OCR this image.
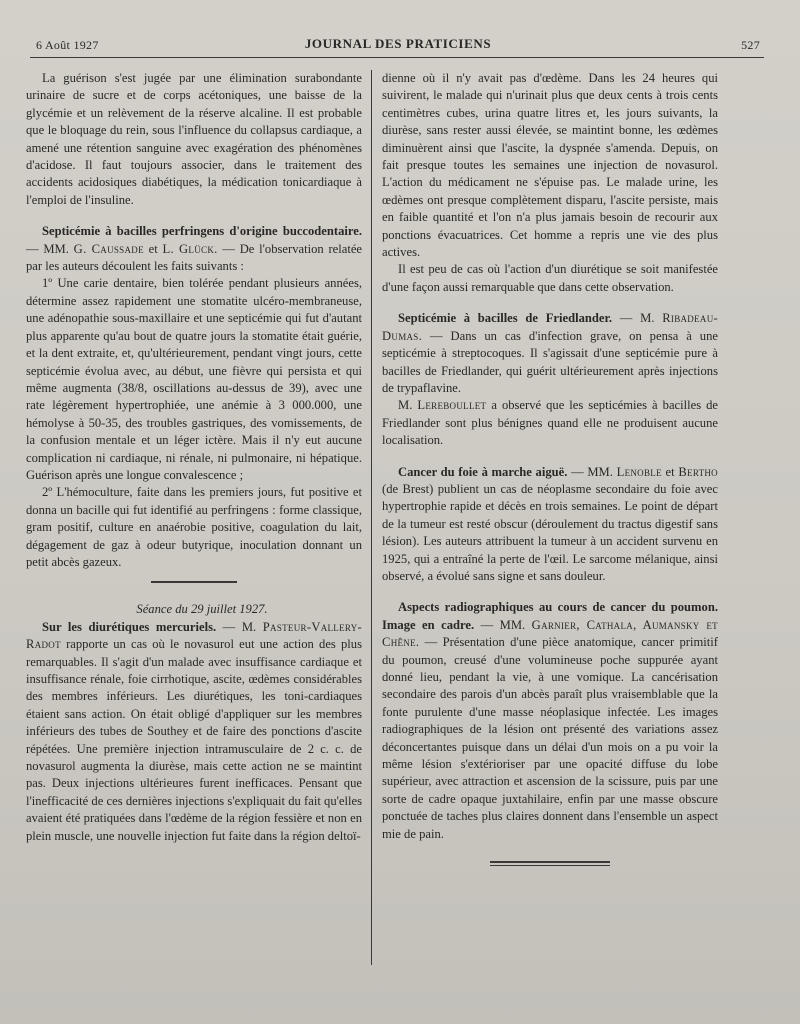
6 Août 1927	JOURNAL DES PRATICIENS	527

La guérison s'est jugée par une élimination surabondante urinaire de sucre et de corps acétoniques, une baisse de la glycémie et un relèvement de la réserve alcaline. Il est probable que le bloquage du rein, sous l'influence du collapsus cardiaque, a amené une rétention sanguine avec exagération des phénomènes d'acidose. Il faut toujours associer, dans le traitement des accidents acidosiques diabétiques, la médication tonicardiaque à l'emploi de l'insuline.

Septicémie à bacilles perfringens d'origine buccodentaire. — MM. G. Caussade et L. Glück. — De l'observation relatée par les auteurs découlent les faits suivants :

1º Une carie dentaire, bien tolérée pendant plusieurs années, détermine assez rapidement une stomatite ulcéro-membraneuse, une adénopathie sous-maxillaire et une septicémie qui fut d'autant plus apparente qu'au bout de quatre jours la stomatite était guérie, et la dent extraite, et, qu'ultérieurement, pendant vingt jours, cette septicémie évolua avec, au début, une fièvre qui persista et qui même augmenta (38/8, oscillations au-dessus de 39), avec une rate légèrement hypertrophiée, une anémie à 3 000.000, une hémolyse à 50-35, des troubles gastriques, des vomissements, de la confusion mentale et un léger ictère. Mais il n'y eut aucune complication ni cardiaque, ni rénale, ni pulmonaire, ni hépatique. Guérison après une longue convalescence ;

2º L'hémoculture, faite dans les premiers jours, fut positive et donna un bacille qui fut identifié au perfringens : forme classique, gram positif, culture en anaérobie positive, coagulation du lait, dégagement de gaz à odeur butyrique, inoculation donnant un petit abcès gazeux.

Séance du 29 juillet 1927.

Sur les diurétiques mercuriels. — M. Pasteur-Vallery-Radot rapporte un cas où le novasurol eut une action des plus remarquables. Il s'agit d'un malade avec insuffisance cardiaque et insuffisance rénale, foie cirrhotique, ascite, œdèmes considérables des membres inférieurs. Les diurétiques, les toni-cardiaques étaient sans action. On était obligé d'appliquer sur les membres inférieurs des tubes de Southey et de faire des ponctions d'ascite répétées. Une première injection intramusculaire de 2 c. c. de novasurol augmenta la diurèse, mais cette action ne se maintint pas. Deux injections ultérieures furent inefficaces. Pensant que l'inefficacité de ces dernières injections s'expliquait du fait qu'elles avaient été pratiquées dans l'œdème de la région fessière et non en plein muscle, une nouvelle injection fut faite dans la région deltoï-

dienne où il n'y avait pas d'œdème. Dans les 24 heures qui suivirent, le malade qui n'urinait plus que deux cents à trois cents centimètres cubes, urina quatre litres et, les jours suivants, la diurèse, sans rester aussi élevée, se maintint bonne, les œdèmes diminuèrent ainsi que l'ascite, la dyspnée s'amenda. Depuis, on fait presque toutes les semaines une injection de novasurol. L'action du médicament ne s'épuise pas. Le malade urine, les œdèmes ont presque complètement disparu, l'ascite persiste, mais en faible quantité et l'on n'a plus jamais besoin de recourir aux ponctions évacuatrices. Cet homme a repris une vie des plus actives.

Il est peu de cas où l'action d'un diurétique se soit manifestée d'une façon aussi remarquable que dans cette observation.

Septicémie à bacilles de Friedlander. — M. Ribadeau-Dumas. — Dans un cas d'infection grave, on pensa à une septicémie à streptocoques. Il s'agissait d'une septicémie pure à bacilles de Friedlander, qui guérit ultérieurement après injections de trypaflavine.

M. Lereboullet a observé que les septicémies à bacilles de Friedlander sont plus bénignes quand elle ne produisent aucune localisation.

Cancer du foie à marche aiguë. — MM. Lenoble et Bertho (de Brest) publient un cas de néoplasme secondaire du foie avec hypertrophie rapide et décès en trois semaines. Le point de départ de la tumeur est resté obscur (déroulement du tractus digestif sans lésion). Les auteurs attribuent la tumeur à un accident survenu en 1925, qui a entraîné la perte de l'œil. Le sarcome mélanique, ainsi observé, a évolué sans signe et sans douleur.

Aspects radiographiques au cours de cancer du poumon. Image en cadre. — MM. Garnier, Cathala, Aumansky et Chêne. — Présentation d'une pièce anatomique, cancer primitif du poumon, creusé d'une volumineuse poche suppurée ayant donné lieu, pendant la vie, à une vomique. La cancérisation secondaire des parois d'un abcès paraît plus vraisemblable que la fonte purulente d'une masse néoplasique infectée. Les images radiographiques de la lésion ont présenté des variations assez déconcertantes puisque dans un délai d'un mois on a pu voir la même lésion s'extérioriser par une opacité diffuse du lobe supérieur, avec attraction et ascension de la scissure, puis par une sorte de cadre opaque juxtahilaire, enfin par une masse obscure ponctuée de taches plus claires donnent dans l'ensemble un aspect mie de pain.
